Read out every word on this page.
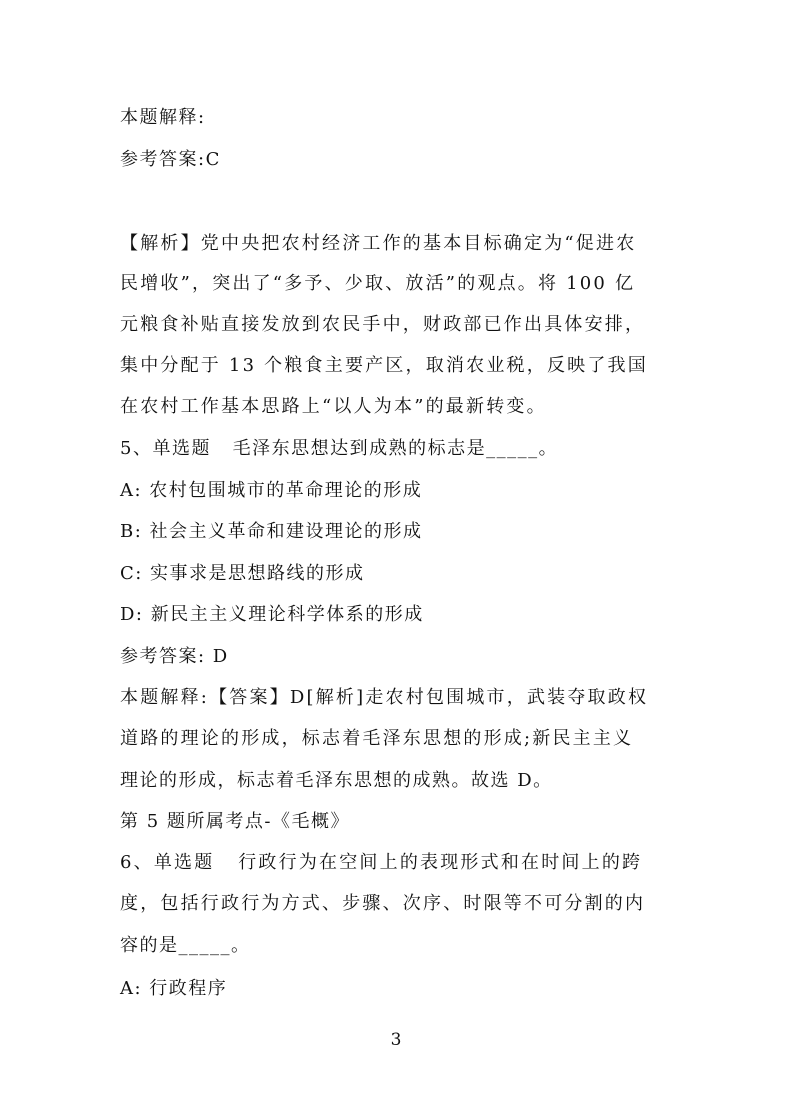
本题解释:
参考答案:C
【解析】党中央把农村经济工作的基本目标确定为“促进农
民增收”，突出了“多予、少取、放活”的观点。将 100 亿
元粮食补贴直接发放到农民手中，财政部已作出具体安排，
集中分配于 13 个粮食主要产区，取消农业税，反映了我国
在农村工作基本思路上“以人为本”的最新转变。
5、单选题   毛泽东思想达到成熟的标志是_____。
A: 农村包围城市的革命理论的形成
B: 社会主义革命和建设理论的形成
C: 实事求是思想路线的形成
D: 新民主主义理论科学体系的形成
参考答案: D
本题解释:【答案】D[解析]走农村包围城市，武装夺取政权
道路的理论的形成，标志着毛泽东思想的形成;新民主主义
理论的形成，标志着毛泽东思想的成熟。故选 D。
第 5 题所属考点-《毛概》
6、单选题   行政行为在空间上的表现形式和在时间上的跨
度，包括行政行为方式、步骤、次序、时限等不可分割的内
容的是_____。
A: 行政程序
3
